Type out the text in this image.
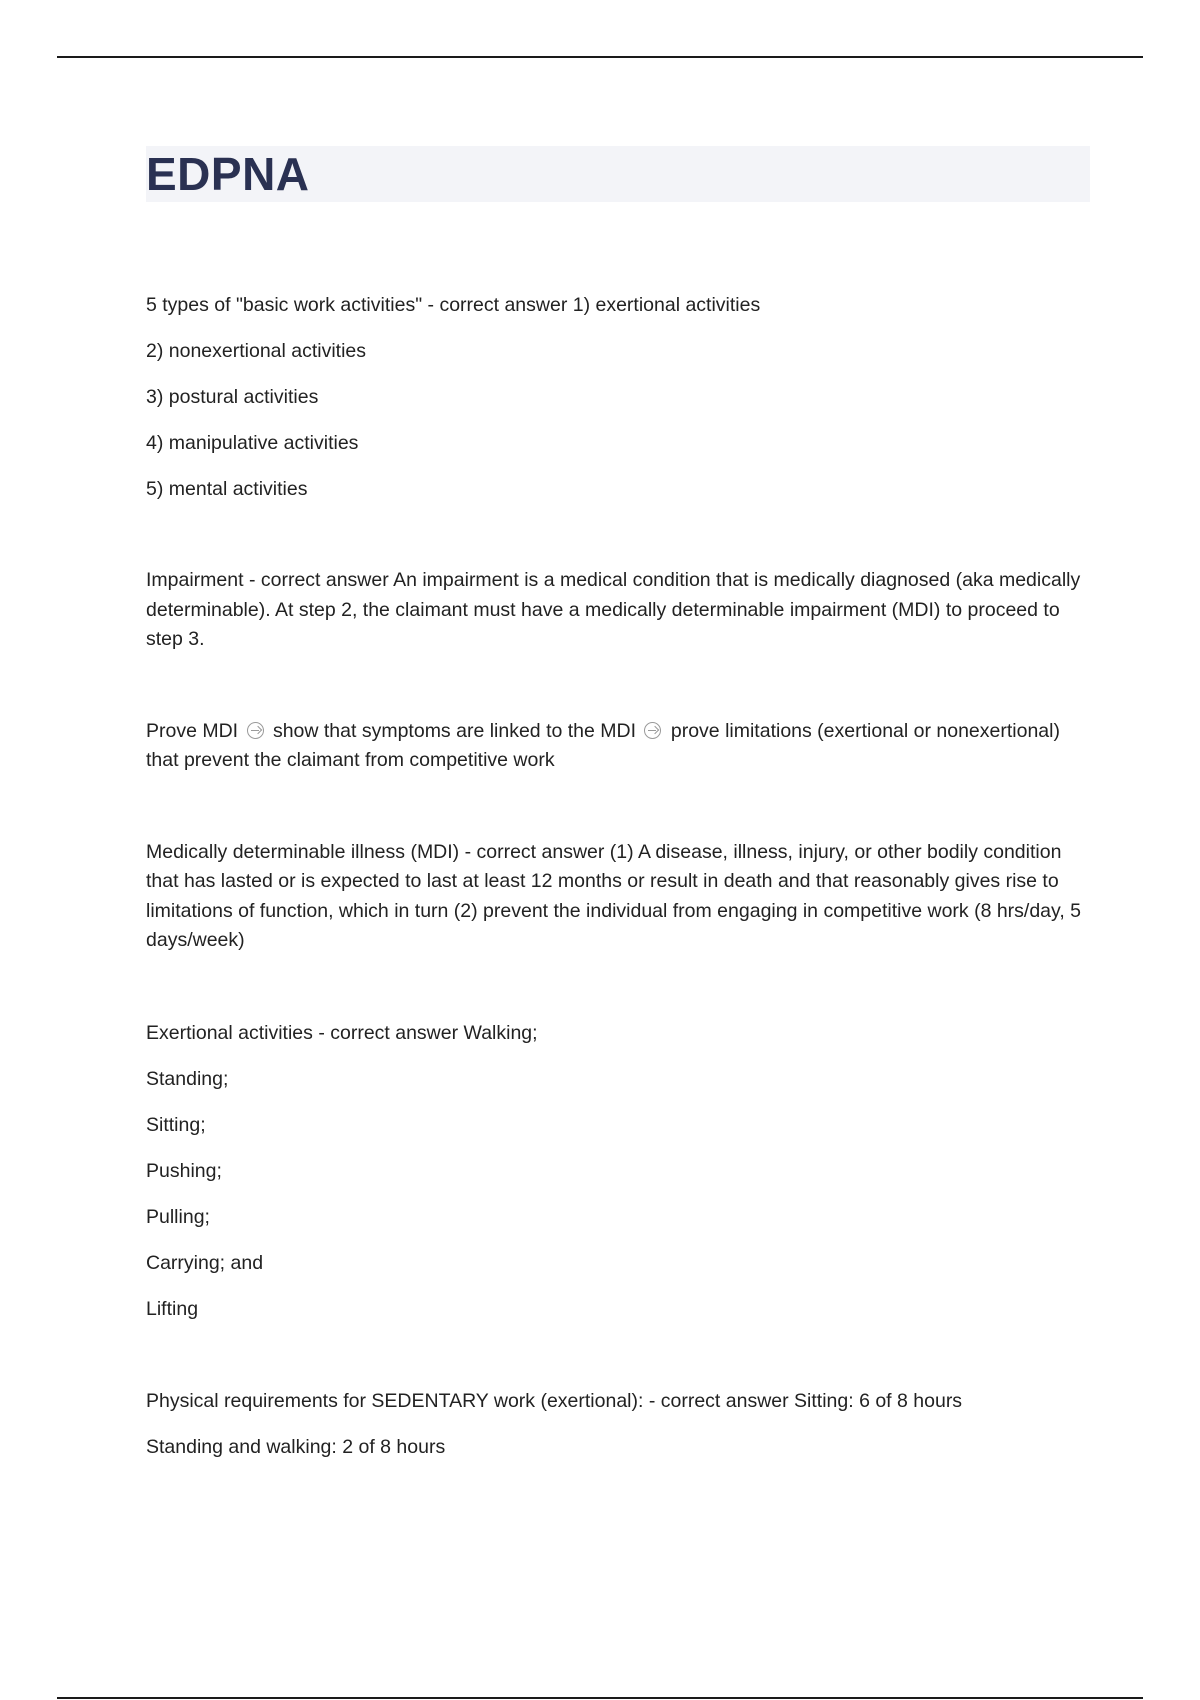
EDPNA

5 types of "basic work activities" - correct answer 1) exertional activities

2) nonexertional activities

3) postural activities

4) manipulative activities

5) mental activities

Impairment - correct answer An impairment is a medical condition that is medically diagnosed (aka medically determinable). At step 2, the claimant must have a medically determinable impairment (MDI) to proceed to step 3.

Prove MDI show that symptoms are linked to the MDI prove limitations (exertional or nonexertional) that prevent the claimant from competitive work

Medically determinable illness (MDI) - correct answer (1) A disease, illness, injury, or other bodily condition that has lasted or is expected to last at least 12 months or result in death and that reasonably gives rise to limitations of function, which in turn (2) prevent the individual from engaging in competitive work (8 hrs/day, 5 days/week)

Exertional activities - correct answer Walking;

Standing;

Sitting;

Pushing;

Pulling;

Carrying; and

Lifting

Physical requirements for SEDENTARY work (exertional): - correct answer Sitting: 6 of 8 hours

Standing and walking: 2 of 8 hours
